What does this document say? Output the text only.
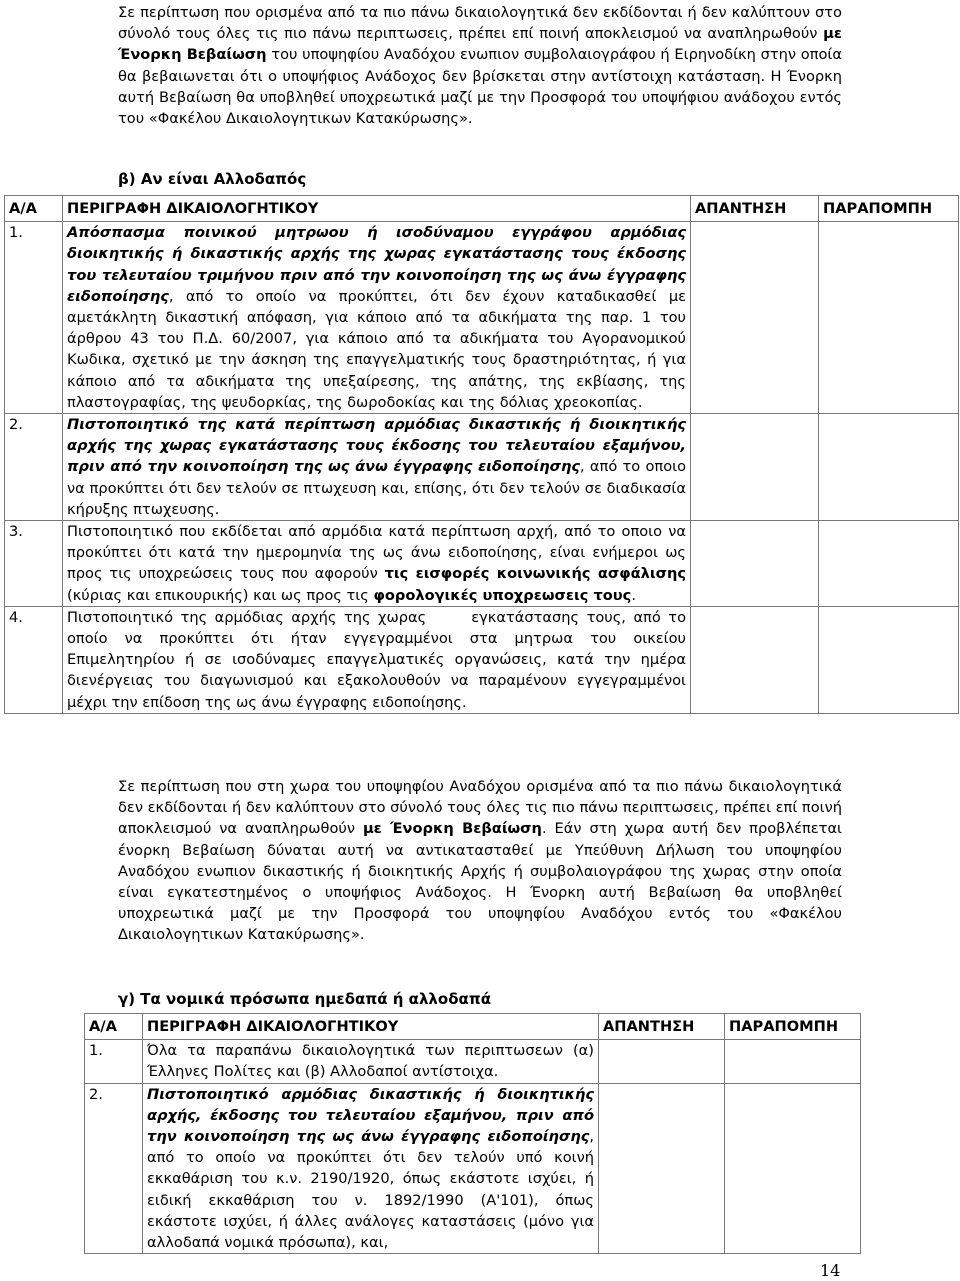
Σε περίπτωση που ορισμένα από τα πιο πάνω δικαιολογητικά δεν εκδίδονται ή δεν καλύπτουν στο σύνολό τους όλες τις πιο πάνω περιπτωσεις, πρέπει επί ποινή αποκλεισμού να αναπληρωθούν με Ένορκη Βεβαίωση του υποψηφίου Αναδόχου ενωπιον συμβολαιογράφου ή Ειρηνοδίκη στην οποία θα βεβαιωνεται ότι ο υποψήφιος Ανάδοχος δεν βρίσκεται στην αντίστοιχη κατάσταση. Η Ένορκη αυτή Βεβαίωση θα υποβληθεί υποχρεωτικά μαζί με την Προσφορά του υποψήφιου ανάδοχου εντός του «Φακέλου Δικαιολογητικων Κατακύρωσης».

β) Αν είναι Αλλοδαπός
Α/Α	ΠΕΡΙΓΡΑΦΗ ΔΙΚΑΙΟΛΟΓΗΤΙΚΟΥ	ΑΠΑΝΤΗΣΗ	ΠΑΡΑΠΟΜΠΗ
1.	Απόσπασμα ποινικού μητρωου ή ισοδύναμου εγγράφου αρμόδιας διοικητικής ή δικαστικής αρχής της χωρας εγκατάστασης τους έκδοσης του τελευταίου τριμήνου πριν από την κοινοποίηση της ως άνω έγγραφης ειδοποίησης, από το οποίο να προκύπτει, ότι δεν έχουν καταδικασθεί με αμετάκλητη δικαστική απόφαση, για κάποιο από τα αδικήματα της παρ. 1 του άρθρου 43 του Π.Δ. 60/2007, για κάποιο από τα αδικήματα του Αγορανομικού Κωδικα, σχετικό με την άσκηση της επαγγελματικής τους δραστηριότητας, ή για κάποιο από τα αδικήματα της υπεξαίρεσης, της απάτης, της εκβίασης, της πλαστογραφίας, της ψευδορκίας, της δωροδοκίας και της δόλιας χρεοκοπίας.		
2.	Πιστοποιητικό της κατά περίπτωση αρμόδιας δικαστικής ή διοικητικής αρχής της χωρας εγκατάστασης τους έκδοσης του τελευταίου εξαμήνου, πριν από την κοινοποίηση της ως άνω έγγραφης ειδοποίησης, από το οποιο να προκύπτει ότι δεν τελούν σε πτωχευση και, επίσης, ότι δεν τελούν σε διαδικασία κήρυξης πτωχευσης.		
3.	Πιστοποιητικό που εκδίδεται από αρμόδια κατά περίπτωση αρχή, από το οποιο να προκύπτει ότι κατά την ημερομηνία της ως άνω ειδοποίησης, είναι ενήμεροι ως προς τις υποχρεώσεις τους που αφορούν τις εισφορές κοινωνικής ασφάλισης (κύριας και επικουρικής) και ως προς τις φορολογικές υποχρεωσεις τους.		
4.	Πιστοποιητικό της αρμόδιας αρχής της χωρας      εγκατάστασης τους, από το οποίο να προκύπτει ότι ήταν εγγεγραμμένοι στα μητρωα του οικείου Επιμελητηρίου ή σε ισοδύναμες επαγγελματικές οργανώσεις, κατά την ημέρα διενέργειας του διαγωνισμού και εξακολουθούν να παραμένουν εγγεγραμμένοι μέχρι την επίδοση της ως άνω έγγραφης ειδοποίησης.		

Σε περίπτωση που στη χωρα του υποψηφίου Αναδόχου ορισμένα από τα πιο πάνω δικαιολογητικά δεν εκδίδονται ή δεν καλύπτουν στο σύνολό τους όλες τις πιο πάνω περιπτωσεις, πρέπει επί ποινή αποκλεισμού να αναπληρωθούν με Ένορκη Βεβαίωση. Εάν στη χωρα αυτή δεν προβλέπεται ένορκη Βεβαίωση δύναται αυτή να αντικατασταθεί με Υπεύθυνη Δήλωση του υποψηφίου Αναδόχου ενωπιον δικαστικής ή διοικητικής Αρχής ή συμβολαιογράφου της χωρας στην οποία είναι εγκατεστημένος ο υποψήφιος Ανάδοχος. Η Ένορκη αυτή Βεβαίωση θα υποβληθεί υποχρεωτικά μαζί με την Προσφορά του υποψηφίου Αναδόχου εντός του «Φακέλου Δικαιολογητικων Κατακύρωσης».

γ) Τα νομικά πρόσωπα ημεδαπά ή αλλοδαπά
Α/Α	ΠΕΡΙΓΡΑΦΗ ΔΙΚΑΙΟΛΟΓΗΤΙΚΟΥ	ΑΠΑΝΤΗΣΗ	ΠΑΡΑΠΟΜΠΗ
1.	Όλα τα παραπάνω δικαιολογητικά των περιπτωσεων (α) Έλληνες Πολίτες και (β) Αλλοδαποί αντίστοιχα.		
2.	Πιστοποιητικό αρμόδιας δικαστικής ή διοικητικής αρχής, έκδοσης του τελευταίου εξαμήνου, πριν από την κοινοποίηση της ως άνω έγγραφης ειδοποίησης, από το οποίο να προκύπτει ότι δεν τελούν υπό κοινή εκκαθάριση του κ.ν. 2190/1920, όπως εκάστοτε ισχύει, ή ειδική εκκαθάριση του ν. 1892/1990 (Α'101), όπως εκάστοτε ισχύει, ή άλλες ανάλογες καταστάσεις (μόνο για αλλοδαπά νομικά πρόσωπα), και,		
14
